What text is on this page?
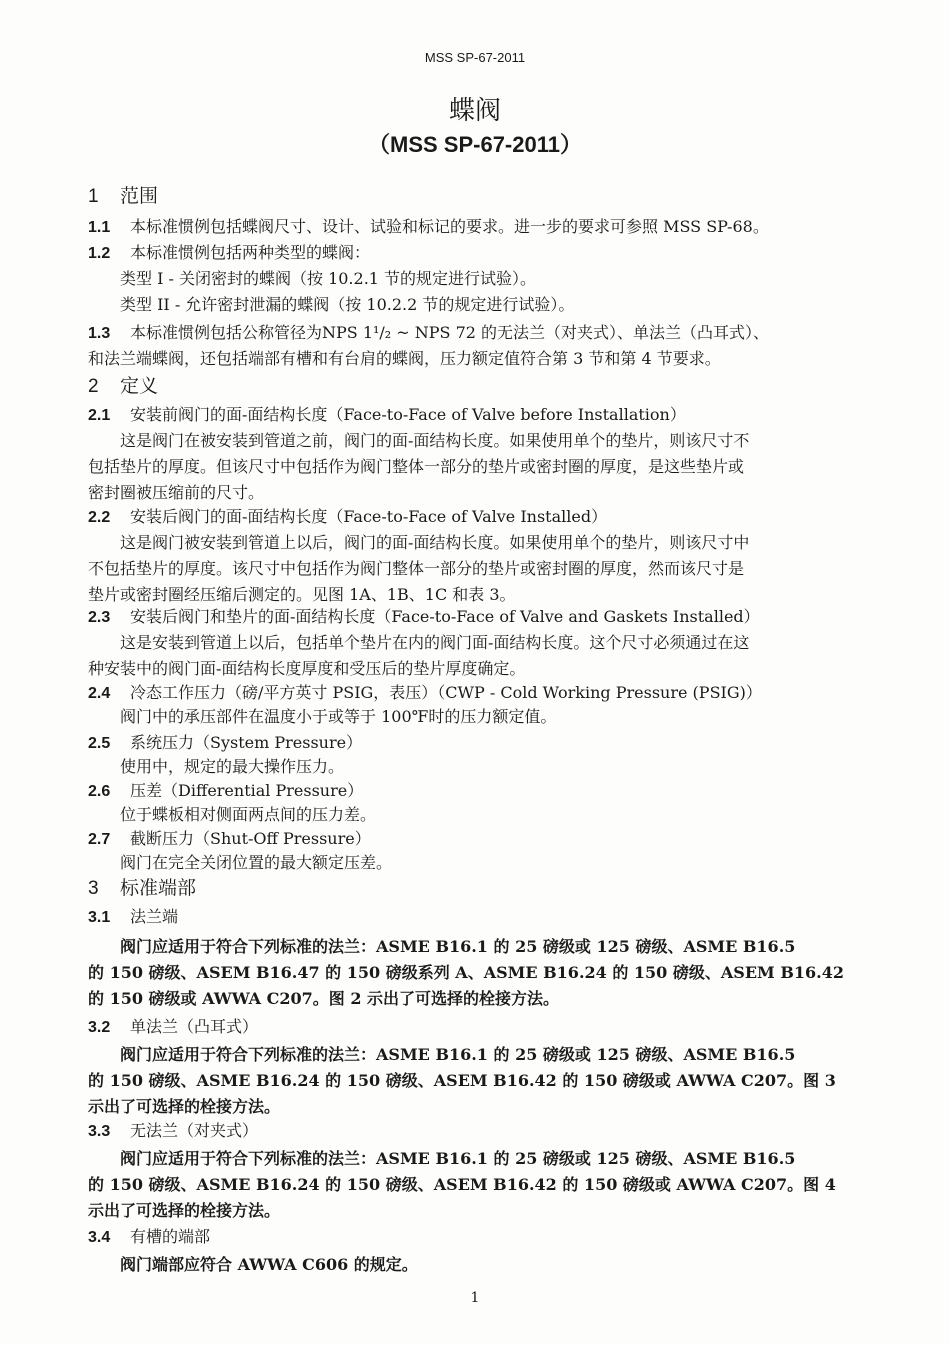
MSS SP-67-2011
蝶阀
（MSS SP-67-2011）
1 范围
1.1 本标准惯例包括蝶阀尺寸、设计、试验和标记的要求。进一步的要求可参照 MSS SP-68。
1.2 本标准惯例包括两种类型的蝶阀：
类型 I - 关闭密封的蝶阀（按 10.2.1 节的规定进行试验）。
类型 II - 允许密封泄漏的蝶阀（按 10.2.2 节的规定进行试验）。
1.3 本标准惯例包括公称管径为NPS 1¹/₂ ~ NPS 72 的无法兰（对夹式）、单法兰（凸耳式）、
和法兰端蝶阀，还包括端部有槽和有台肩的蝶阀，压力额定值符合第 3 节和第 4 节要求。
2 定义
2.1 安装前阀门的面-面结构长度（Face-to-Face of Valve before Installation）
这是阀门在被安装到管道之前，阀门的面-面结构长度。如果使用单个的垫片，则该尺寸不
包括垫片的厚度。但该尺寸中包括作为阀门整体一部分的垫片或密封圈的厚度，是这些垫片或
密封圈被压缩前的尺寸。
2.2 安装后阀门的面-面结构长度（Face-to-Face of Valve Installed）
这是阀门被安装到管道上以后，阀门的面-面结构长度。如果使用单个的垫片，则该尺寸中
不包括垫片的厚度。该尺寸中包括作为阀门整体一部分的垫片或密封圈的厚度，然而该尺寸是
垫片或密封圈经压缩后测定的。见图 1A、1B、1C 和表 3。
2.3 安装后阀门和垫片的面-面结构长度（Face-to-Face of Valve and Gaskets Installed）
这是安装到管道上以后，包括单个垫片在内的阀门面-面结构长度。这个尺寸必须通过在这
种安装中的阀门面-面结构长度厚度和受压后的垫片厚度确定。
2.4 冷态工作压力（磅/平方英寸 PSIG，表压）（CWP - Cold Working Pressure (PSIG)）
阀门中的承压部件在温度小于或等于 100℉时的压力额定值。
2.5 系统压力（System Pressure）
使用中，规定的最大操作压力。
2.6 压差（Differential Pressure）
位于蝶板相对侧面两点间的压力差。
2.7 截断压力（Shut-Off Pressure）
阀门在完全关闭位置的最大额定压差。
3 标准端部
3.1 法兰端
阀门应适用于符合下列标准的法兰：ASME B16.1 的 25 磅级或 125 磅级、ASME B16.5
的 150 磅级、ASEM B16.47 的 150 磅级系列 A、ASME B16.24 的 150 磅级、ASEM B16.42
的 150 磅级或 AWWA C207。图 2 示出了可选择的栓接方法。
3.2 单法兰（凸耳式）
阀门应适用于符合下列标准的法兰：ASME B16.1 的 25 磅级或 125 磅级、ASME B16.5
的 150 磅级、ASME B16.24 的 150 磅级、ASEM B16.42 的 150 磅级或 AWWA C207。图 3
示出了可选择的栓接方法。
3.3 无法兰（对夹式）
阀门应适用于符合下列标准的法兰：ASME B16.1 的 25 磅级或 125 磅级、ASME B16.5
的 150 磅级、ASME B16.24 的 150 磅级、ASEM B16.42 的 150 磅级或 AWWA C207。图 4
示出了可选择的栓接方法。
3.4 有槽的端部
阀门端部应符合 AWWA C606 的规定。
1
